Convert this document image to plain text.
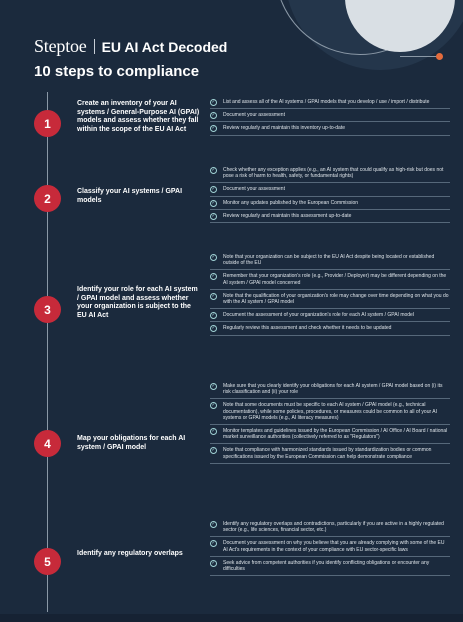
Steptoe EU AI Act Decoded
10 steps to compliance
1
Create an inventory of your AI systems / General-Purpose AI (GPAI) models and assess whether they fall within the scope of the EU AI Act
✓
List and assess all of the AI systems / GPAI models that you develop / use / import / distribute
✓
Document your assessment
✓
Review regularly and maintain this inventory up-to-date
2	Classify your AI systems / GPAI models
✓
Check whether any exception applies (e.g., an AI system that could qualify as high-risk but does not pose a risk of harm to health, safety, or fundamental rights)
✓
Document your assessment
✓
Monitor any updates published by the European Commission
✓
Review regularly and maintain this assessment up-to-date
3
Identify your role for each AI system / GPAI model and assess whether your organization is subject to the EU AI Act
✓
Note that your organization can be subject to the EU AI Act despite being located or established outside of the EU
✓
Remember that your organization's role (e.g., Provider / Deployer) may be different depending on the AI system / GPAI model concerned
✓
Note that the qualification of your organization's role may change over time depending on what you do with the AI system / GPAI model
✓
Document the assessment of your organization's role for each AI system / GPAI model
✓
Regularly review this assessment and check whether it needs to be updated
4	Map your obligations for each AI system / GPAI model
✓
Make sure that you clearly identify your obligations for each AI system / GPAI model based on (i) its risk classification and (ii) your role
✓
Note that some documents must be specific to each AI system / GPAI model (e.g., technical documentation), while some policies, procedures, or measures could be common to all of your AI systems or GPAI models (e.g., AI literacy measures)
✓
Monitor templates and guidelines issued by the European Commission / AI Office / AI Board / national market surveillance authorities (collectively referred to as "Regulators")
✓
Note that compliance with harmonized standards issued by standardization bodies or common specifications issued by the European Commission can help demonstrate compliance
5
Identify any regulatory overlaps
✓
Identify any regulatory overlaps and contradictions, particularly if you are active in a highly regulated sector (e.g., life sciences, financial sector, etc.)
✓
Document your assessment on why you believe that you are already complying with some of the EU AI Act's requirements in the context of your compliance with EU sector-specific laws
✓
Seek advice from competent authorities if you identify conflicting obligations or encounter any difficulties
